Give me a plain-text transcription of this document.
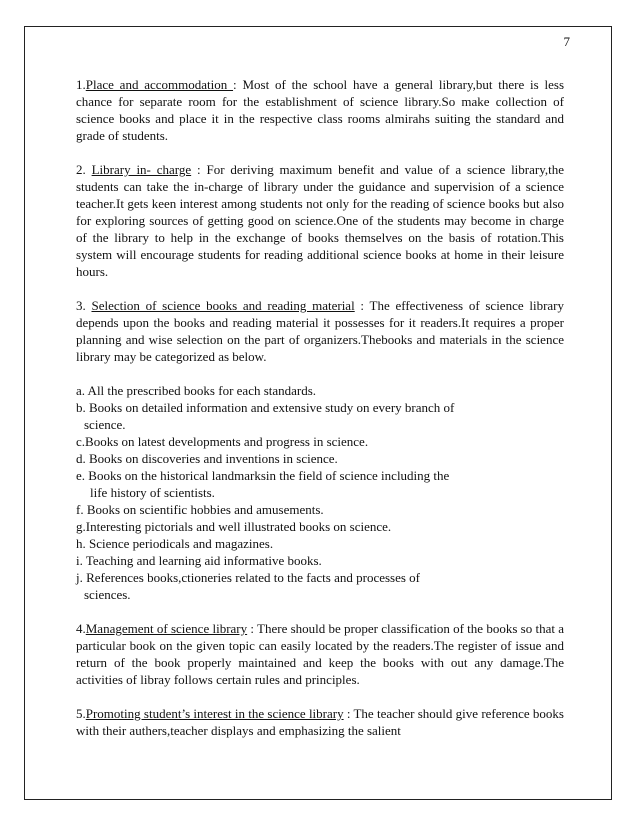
7

1.Place and accommodation : Most of the school have a general library,but there is less chance for separate room for the establishment of science library.So make collection of science books and place it in the respective class rooms almirahs suiting the standard and grade of students.

2. Library in- charge : For deriving maximum benefit and value of a science library,the students can take the in-charge of library under the guidance and supervision of a science teacher.It gets keen interest among students not only for the reading of science books but also for exploring sources of getting good on science.One of the students may become in charge of the library to help in the exchange of books themselves on the basis of rotation.This system will encourage students for reading additional science books at home in their leisure hours.

3. Selection of science books and reading material : The effectiveness of science library depends upon the books and reading material it possesses for it readers.It requires a proper planning and wise selection on the part of organizers.Thebooks and materials in the science library may be categorized as below.

a. All the prescribed books for each standards.
b. Books on detailed information and extensive study on every branch of
science.
c.Books on latest developments and progress in science.
d. Books on discoveries and inventions in science.
e. Books on the historical landmarksin the field of science including the
life history of scientists.
f. Books on scientific hobbies and amusements.
g.Interesting pictorials and well illustrated books on science.
h. Science periodicals and magazines.
i. Teaching and learning aid informative books.
j. References books,ctioneries related to the facts and processes of
sciences.

4.Management of science library : There should be proper classification of the books so that a particular book on the given topic can easily located by the readers.The register of issue and return of the book properly maintained and keep the books with out any damage.The activities of libray follows certain rules and principles.

5.Promoting student’s interest in the science library : The teacher should give reference books with their authers,teacher displays and emphasizing the salient
